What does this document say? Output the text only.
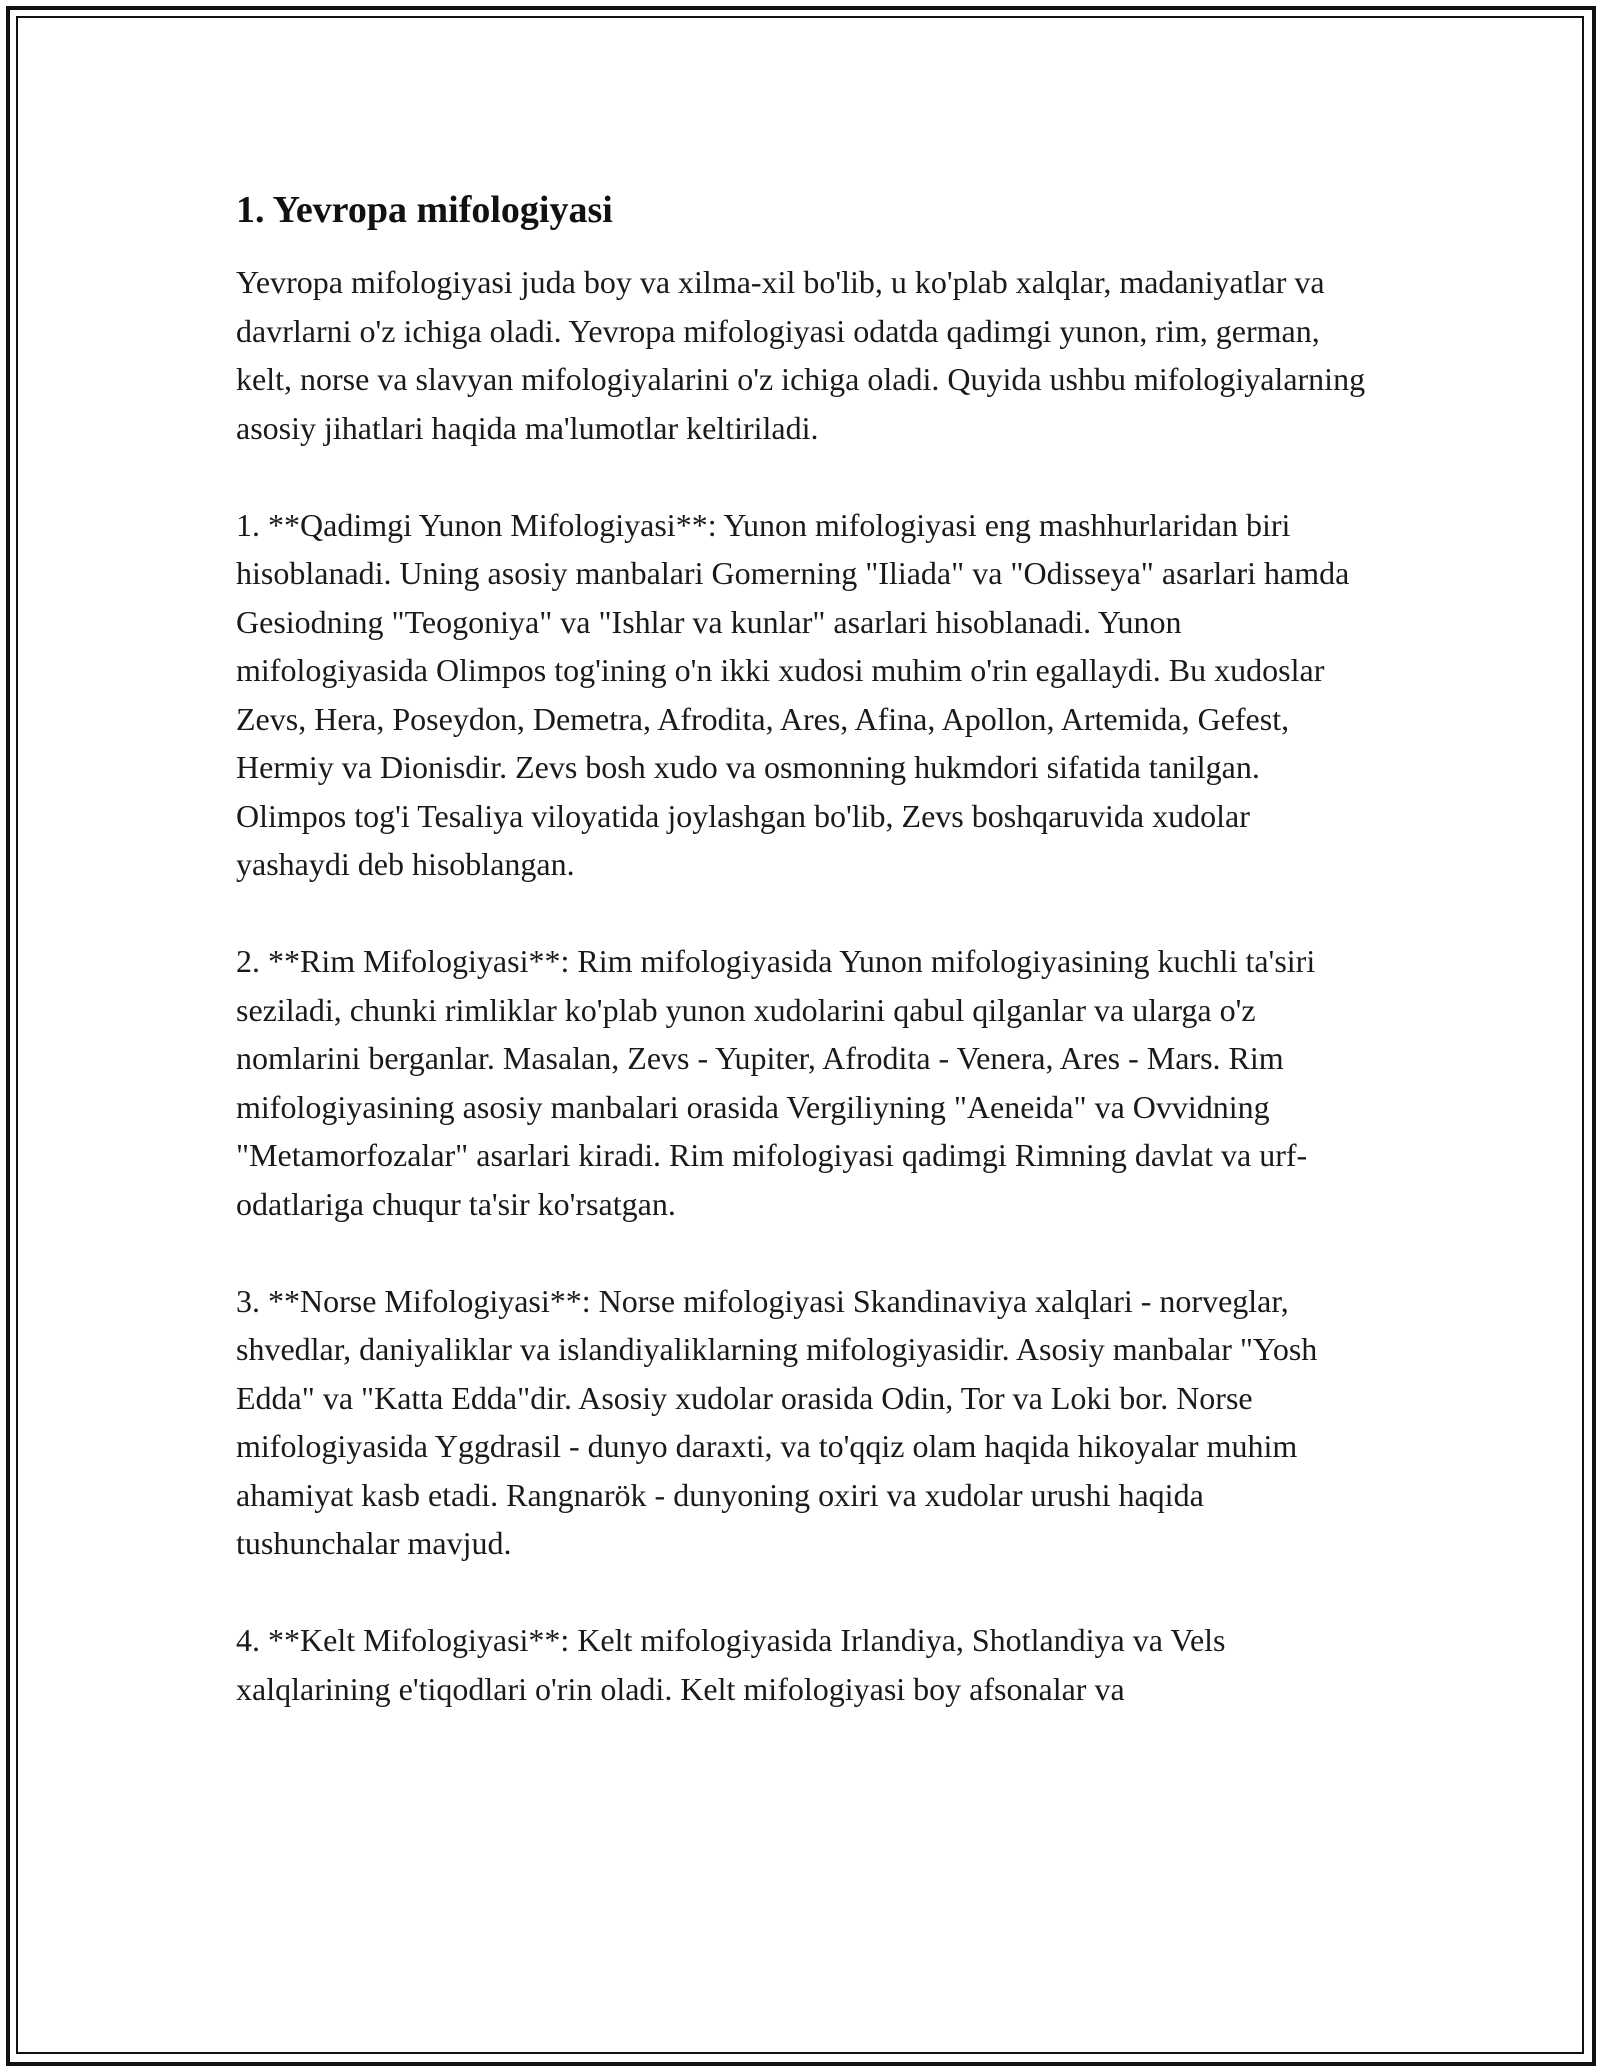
1. Yevropa mifologiyasi

Yevropa mifologiyasi juda boy va xilma-xil bo'lib, u ko'plab xalqlar, madaniyatlar va davrlarni o'z ichiga oladi. Yevropa mifologiyasi odatda qadimgi yunon, rim, german, kelt, norse va slavyan mifologiyalarini o'z ichiga oladi. Quyida ushbu mifologiyalarning asosiy jihatlari haqida ma'lumotlar keltiriladi.

1. **Qadimgi Yunon Mifologiyasi**: Yunon mifologiyasi eng mashhurlaridan biri hisoblanadi. Uning asosiy manbalari Gomerning "Iliada" va "Odisseya" asarlari hamda Gesiodning "Teogoniya" va "Ishlar va kunlar" asarlari hisoblanadi. Yunon mifologiyasida Olimpos tog'ining o'n ikki xudosi muhim o'rin egallaydi. Bu xudoslar Zevs, Hera, Poseydon, Demetra, Afrodita, Ares, Afina, Apollon, Artemida, Gefest, Hermiy va Dionisdir. Zevs bosh xudo va osmonning hukmdori sifatida tanilgan. Olimpos tog'i Tesaliya viloyatida joylashgan bo'lib, Zevs boshqaruvida xudolar yashaydi deb hisoblangan.

2. **Rim Mifologiyasi**: Rim mifologiyasida Yunon mifologiyasining kuchli ta'siri seziladi, chunki rimliklar ko'plab yunon xudolarini qabul qilganlar va ularga o'z nomlarini berganlar. Masalan, Zevs - Yupiter, Afrodita - Venera, Ares - Mars. Rim mifologiyasining asosiy manbalari orasida Vergiliyning "Aeneida" va Ovvidning "Metamorfozalar" asarlari kiradi. Rim mifologiyasi qadimgi Rimning davlat va urf-odatlariga chuqur ta'sir ko'rsatgan.

3. **Norse Mifologiyasi**: Norse mifologiyasi Skandinaviya xalqlari - norveglar, shvedlar, daniyaliklar va islandiyaliklarning mifologiyasidir. Asosiy manbalar "Yosh Edda" va "Katta Edda"dir. Asosiy xudolar orasida Odin, Tor va Loki bor. Norse mifologiyasida Yggdrasil - dunyo daraxti, va to'qqiz olam haqida hikoyalar muhim ahamiyat kasb etadi. Rangnarök - dunyoning oxiri va xudolar urushi haqida tushunchalar mavjud.

4. **Kelt Mifologiyasi**: Kelt mifologiyasida Irlandiya, Shotlandiya va Vels xalqlarining e'tiqodlari o'rin oladi. Kelt mifologiyasi boy afsonalar va
